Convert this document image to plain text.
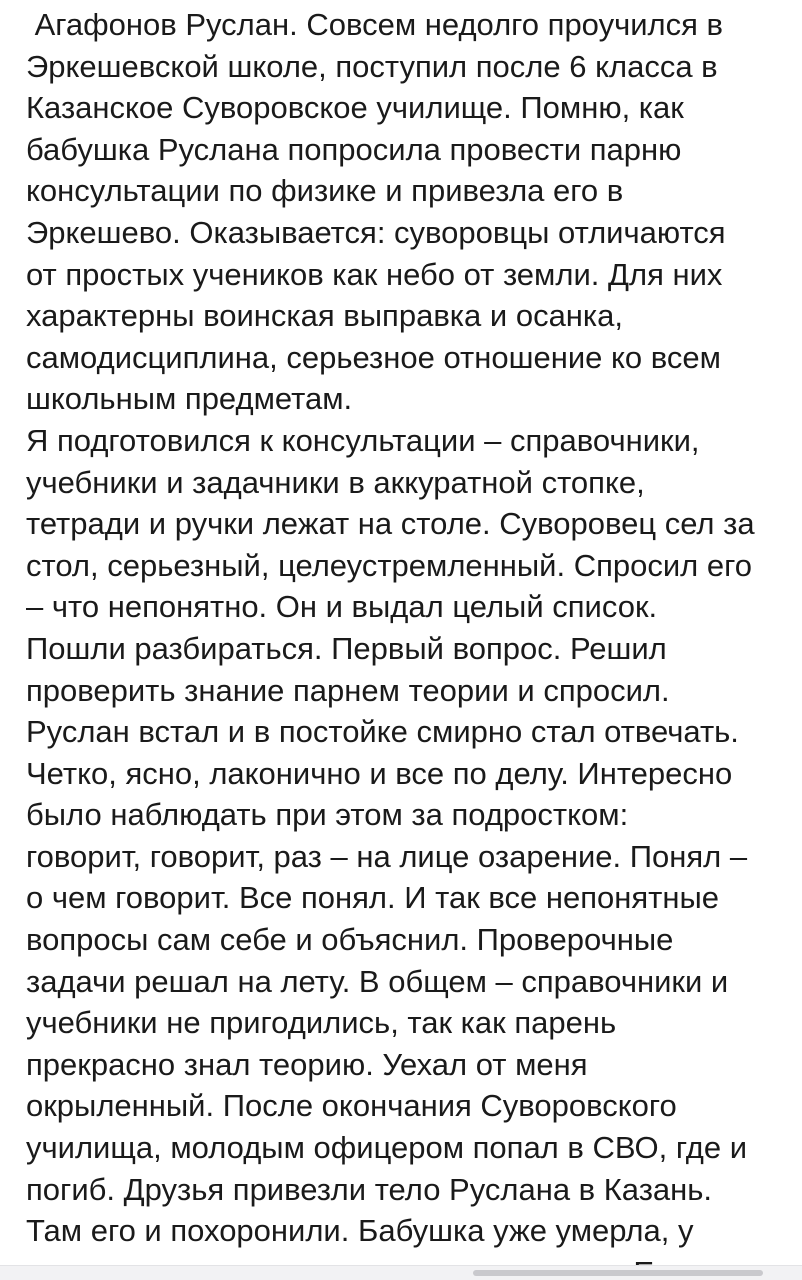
Агафонов Руслан. Совсем недолго проучился в
Эркешевской школе, поступил после 6 класса в
Казанское Суворовское училище. Помню, как
бабушка Руслана попросила провести парню
консультации по физике и привезла его в
Эркешево. Оказывается: суворовцы отличаются
от простых учеников как небо от земли. Для них
характерны воинская выправка и осанка,
самодисциплина, серьезное отношение ко всем
школьным предметам.
Я подготовился к консультации – справочники,
учебники и задачники в аккуратной стопке,
тетради и ручки лежат на столе. Суворовец сел за
стол, серьезный, целеустремленный. Спросил его
– что непонятно. Он и выдал целый список.
Пошли разбираться. Первый вопрос. Решил
проверить знание парнем теории и спросил.
Руслан встал и в постойке смирно стал отвечать.
Четко, ясно, лаконично и все по делу. Интересно
было наблюдать при этом за подростком:
говорит, говорит, раз – на лице озарение. Понял –
о чем говорит. Все понял. И так все непонятные
вопросы сам себе и объяснил. Проверочные
задачи решал на лету. В общем – справочники и
учебники не пригодились, так как парень
прекрасно знал теорию. Уехал от меня
окрыленный. После окончания Суворовского
училища, молодым офицером попал в СВО, где и
погиб. Друзья привезли тело Руслана в Казань.
Там его и похоронили. Бабушка уже умерла, у
